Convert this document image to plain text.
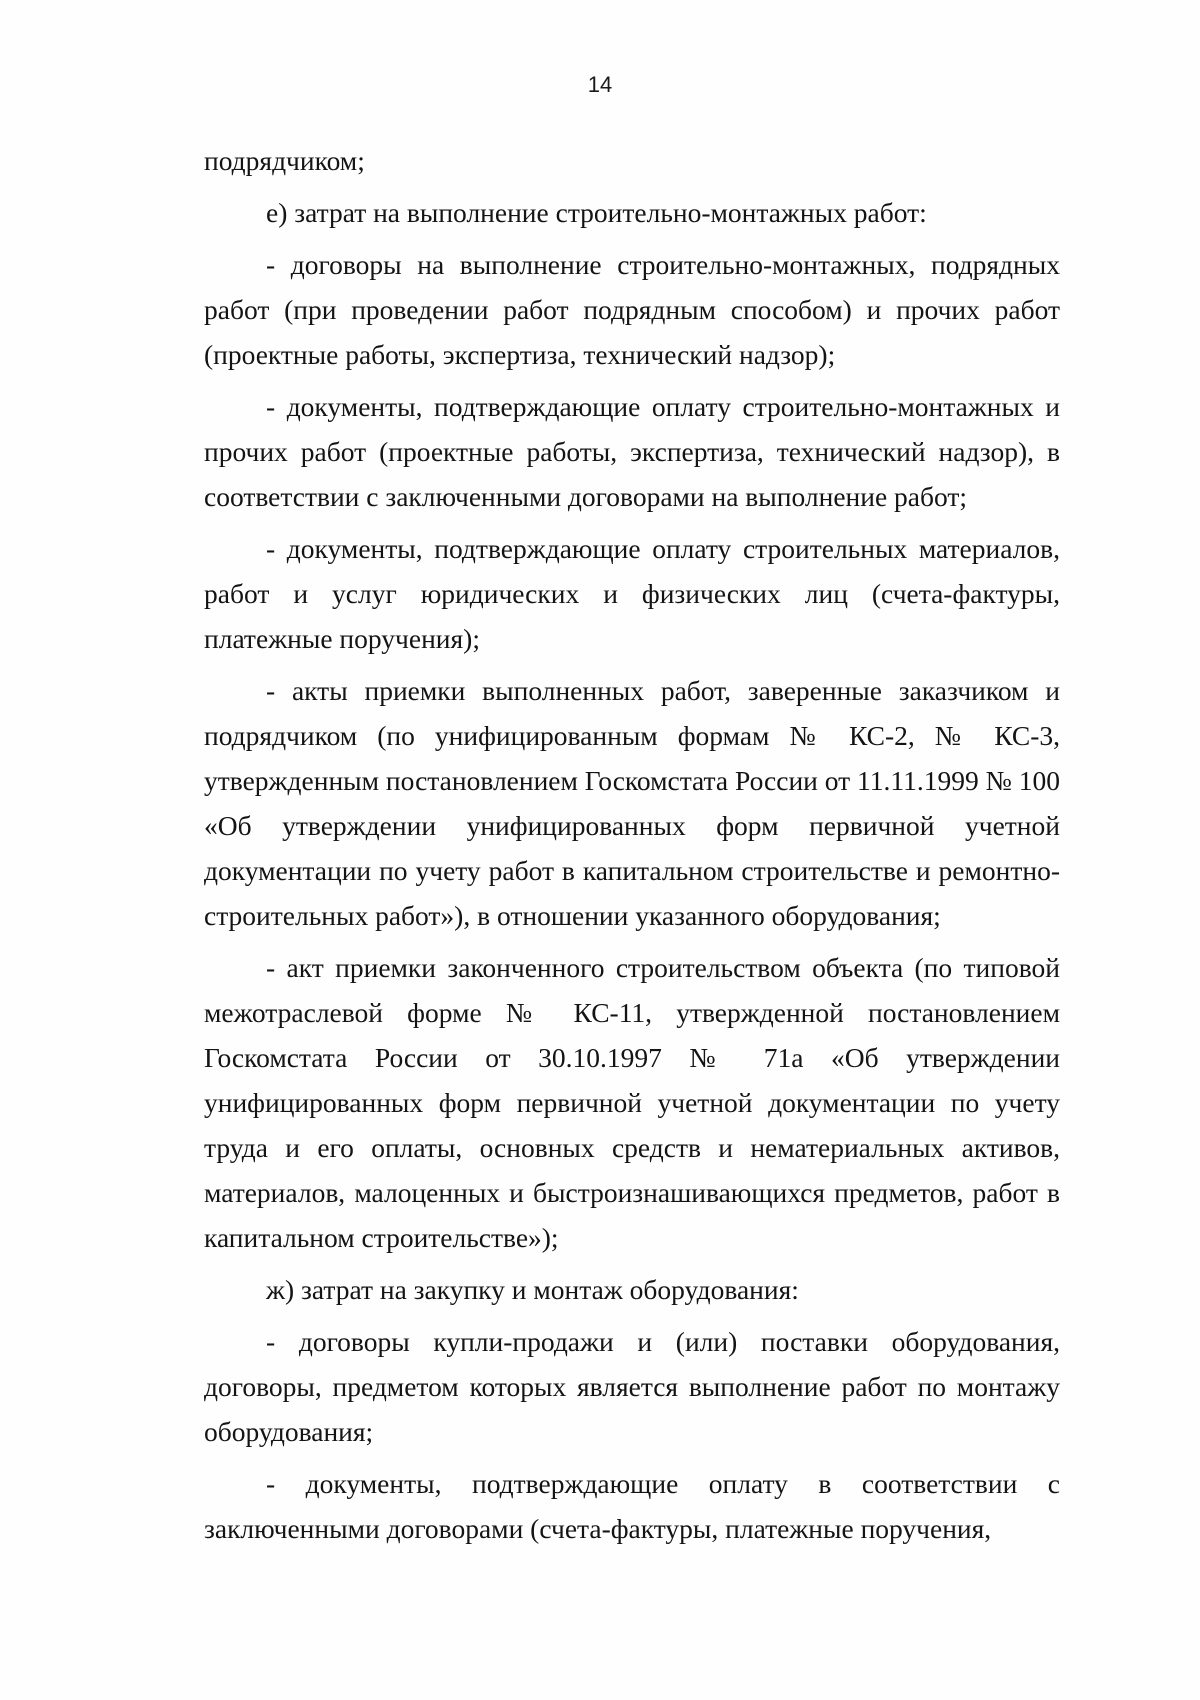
14

подрядчиком;

е) затрат на выполнение строительно-монтажных работ:

- договоры на выполнение строительно-монтажных, подрядных работ (при проведении работ подрядным способом) и прочих работ (проектные работы, экспертиза, технический надзор);

- документы, подтверждающие оплату строительно-монтажных и прочих работ (проектные работы, экспертиза, технический надзор), в соответствии с заключенными договорами на выполнение работ;

- документы, подтверждающие оплату строительных материалов, работ и услуг юридических и физических лиц (счета-фактуры, платежные поручения);

- акты приемки выполненных работ, заверенные заказчиком и подрядчиком (по унифицированным формам № КС-2, № КС-3, утвержденным постановлением Госкомстата России от 11.11.1999 № 100 «Об утверждении унифицированных форм первичной учетной документации по учету работ в капитальном строительстве и ремонтно-строительных работ»), в отношении указанного оборудования;

- акт приемки законченного строительством объекта (по типовой межотраслевой форме № КС-11, утвержденной постановлением Госкомстата России от 30.10.1997 № 71а «Об утверждении унифицированных форм первичной учетной документации по учету труда и его оплаты, основных средств и нематериальных активов, материалов, малоценных и быстроизнашивающихся предметов, работ в капитальном строительстве»);

ж) затрат на закупку и монтаж оборудования:

- договоры купли-продажи и (или) поставки оборудования, договоры, предметом которых является выполнение работ по монтажу оборудования;

- документы, подтверждающие оплату в соответствии с заключенными договорами (счета-фактуры, платежные поручения,
